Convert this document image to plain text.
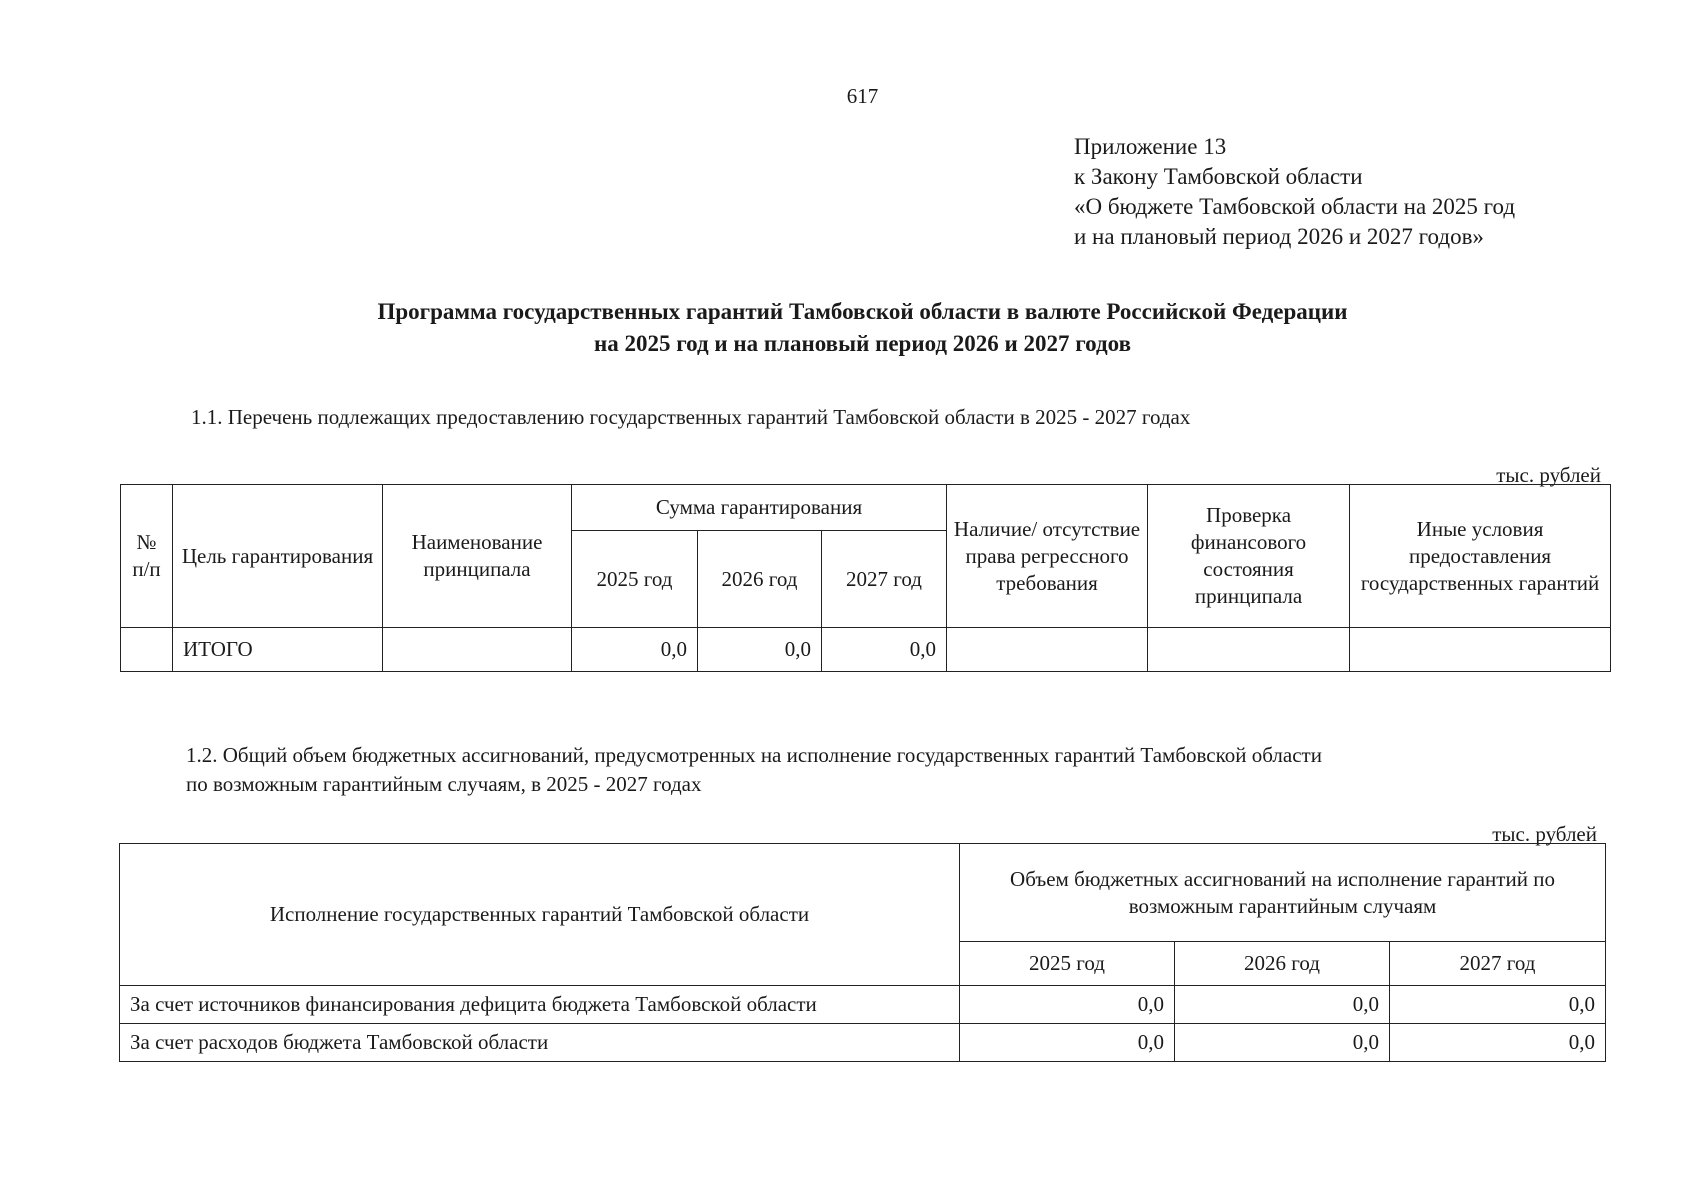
617
Приложение 13
к Закону Тамбовской области
«О бюджете Тамбовской области на 2025 год
и на плановый период 2026 и 2027 годов»
Программа государственных гарантий Тамбовской области в валюте Российской Федерации
на 2025 год и на плановый период 2026 и 2027 годов
1.1. Перечень подлежащих предоставлению государственных гарантий Тамбовской области в 2025 - 2027 годах
тыс. рублей
№ п/п	Цель гарантирования	Наименование принципала	Сумма гарантирования			Наличие/ отсутствие права регрессного требования	Проверка финансового состояния принципала	Иные условия предоставления государственных гарантий
			2025 год	2026 год	2027 год			
	ИТОГО		0,0	0,0	0,0			
1.2. Общий объем бюджетных ассигнований, предусмотренных на исполнение государственных гарантий Тамбовской области
по возможным гарантийным случаям, в 2025 - 2027 годах
тыс. рублей
Исполнение государственных гарантий Тамбовской области	Объем бюджетных ассигнований на исполнение гарантий по возможным гарантийным случаям		
	2025 год	2026 год	2027 год
За счет источников финансирования дефицита бюджета Тамбовской области	0,0	0,0	0,0
За счет расходов бюджета Тамбовской области	0,0	0,0	0,0
